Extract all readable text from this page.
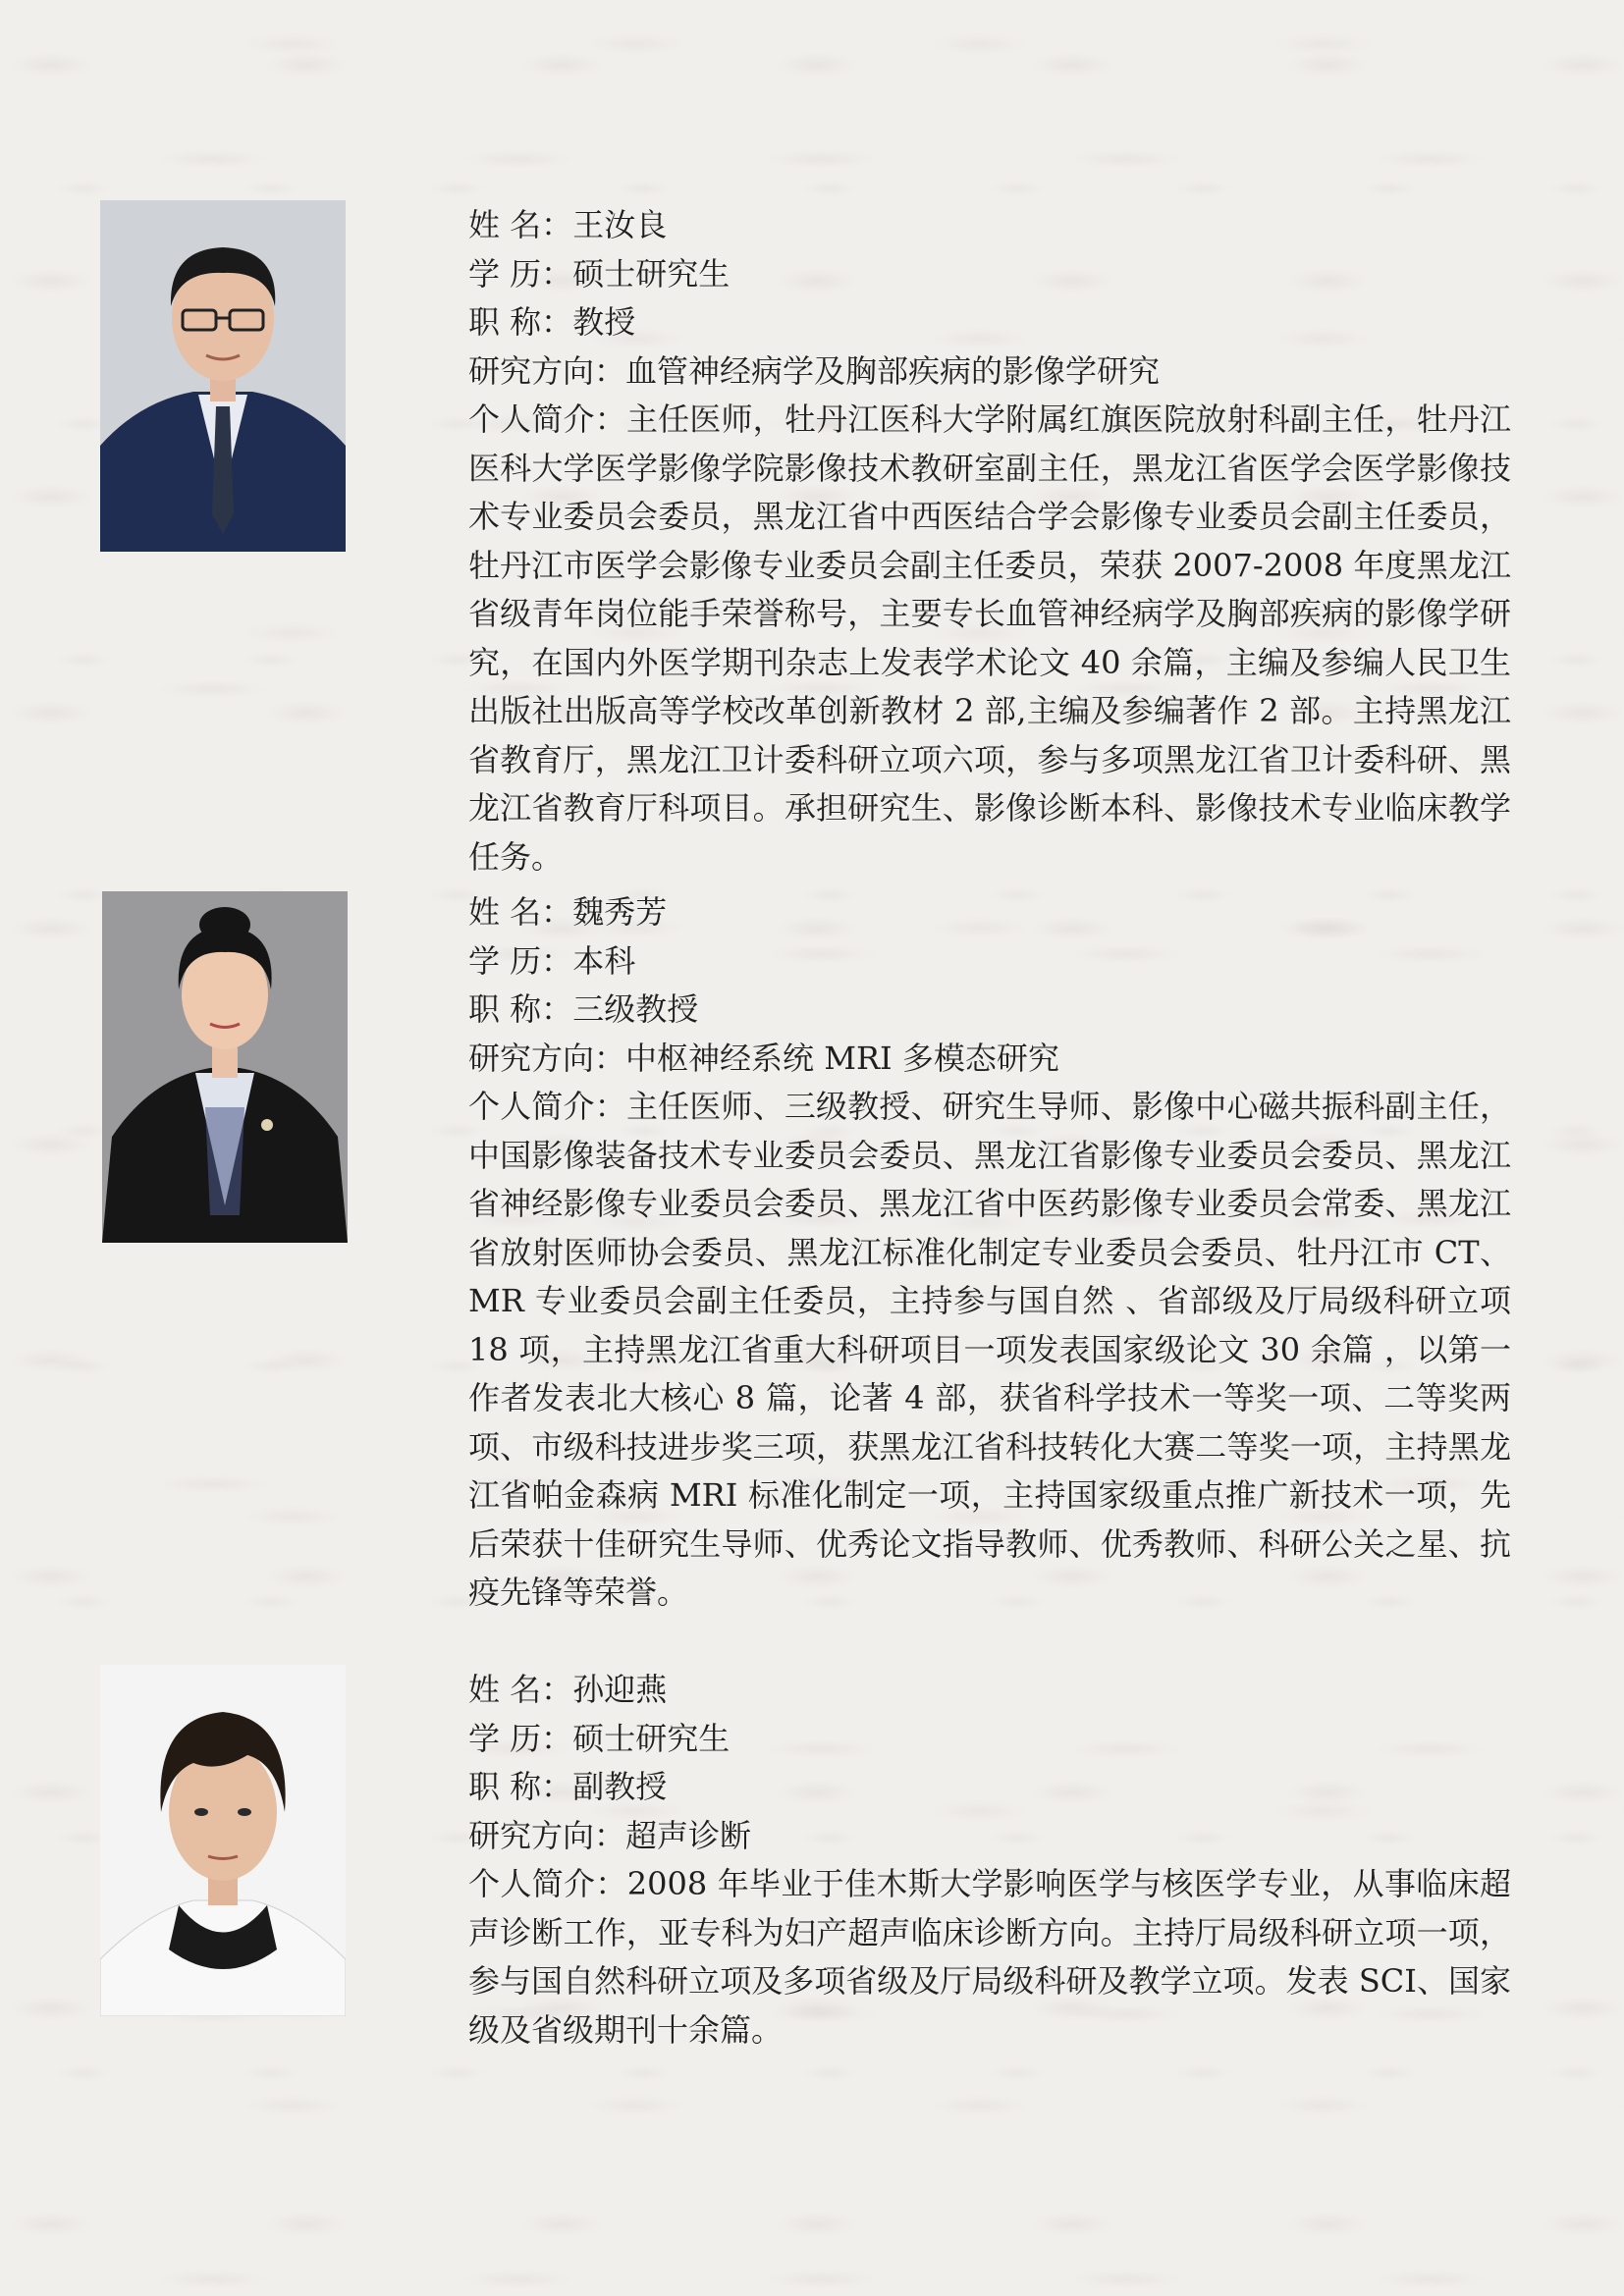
姓 名：王汝良
学 历：硕士研究生
职 称：教授
研究方向：血管神经病学及胸部疾病的影像学研究
个人简介：主任医师，牡丹江医科大学附属红旗医院放射科副主任，牡丹江医科大学医学影像学院影像技术教研室副主任，黑龙江省医学会医学影像技术专业委员会委员，黑龙江省中西医结合学会影像专业委员会副主任委员，牡丹江市医学会影像专业委员会副主任委员，荣获 2007-2008 年度黑龙江省级青年岗位能手荣誉称号，主要专长血管神经病学及胸部疾病的影像学研究，在国内外医学期刊杂志上发表学术论文 40 余篇，主编及参编人民卫生出版社出版高等学校改革创新教材 2 部,主编及参编著作 2 部。主持黑龙江省教育厅，黑龙江卫计委科研立项六项，参与多项黑龙江省卫计委科研、黑龙江省教育厅科项目。承担研究生、影像诊断本科、影像技术专业临床教学任务。
姓 名：魏秀芳
学 历：本科
职 称：三级教授
研究方向：中枢神经系统 MRI 多模态研究
个人简介：主任医师、三级教授、研究生导师、影像中心磁共振科副主任，中国影像装备技术专业委员会委员、黑龙江省影像专业委员会委员、黑龙江省神经影像专业委员会委员、黑龙江省中医药影像专业委员会常委、黑龙江省放射医师协会委员、黑龙江标准化制定专业委员会委员、牡丹江市 CT、MR 专业委员会副主任委员，主持参与国自然 、省部级及厅局级科研立项 18 项，主持黑龙江省重大科研项目一项发表国家级论文 30 余篇 ，以第一作者发表北大核心 8 篇，论著 4 部，获省科学技术一等奖一项、二等奖两项、市级科技进步奖三项，获黑龙江省科技转化大赛二等奖一项，主持黑龙江省帕金森病 MRI 标准化制定一项，主持国家级重点推广新技术一项，先后荣获十佳研究生导师、优秀论文指导教师、优秀教师、科研公关之星、抗疫先锋等荣誉。
姓 名：孙迎燕
学 历：硕士研究生
职 称：副教授
研究方向：超声诊断
个人简介：2008 年毕业于佳木斯大学影响医学与核医学专业，从事临床超声诊断工作，亚专科为妇产超声临床诊断方向。主持厅局级科研立项一项，参与国自然科研立项及多项省级及厅局级科研及教学立项。发表 SCI、国家级及省级期刊十余篇。
